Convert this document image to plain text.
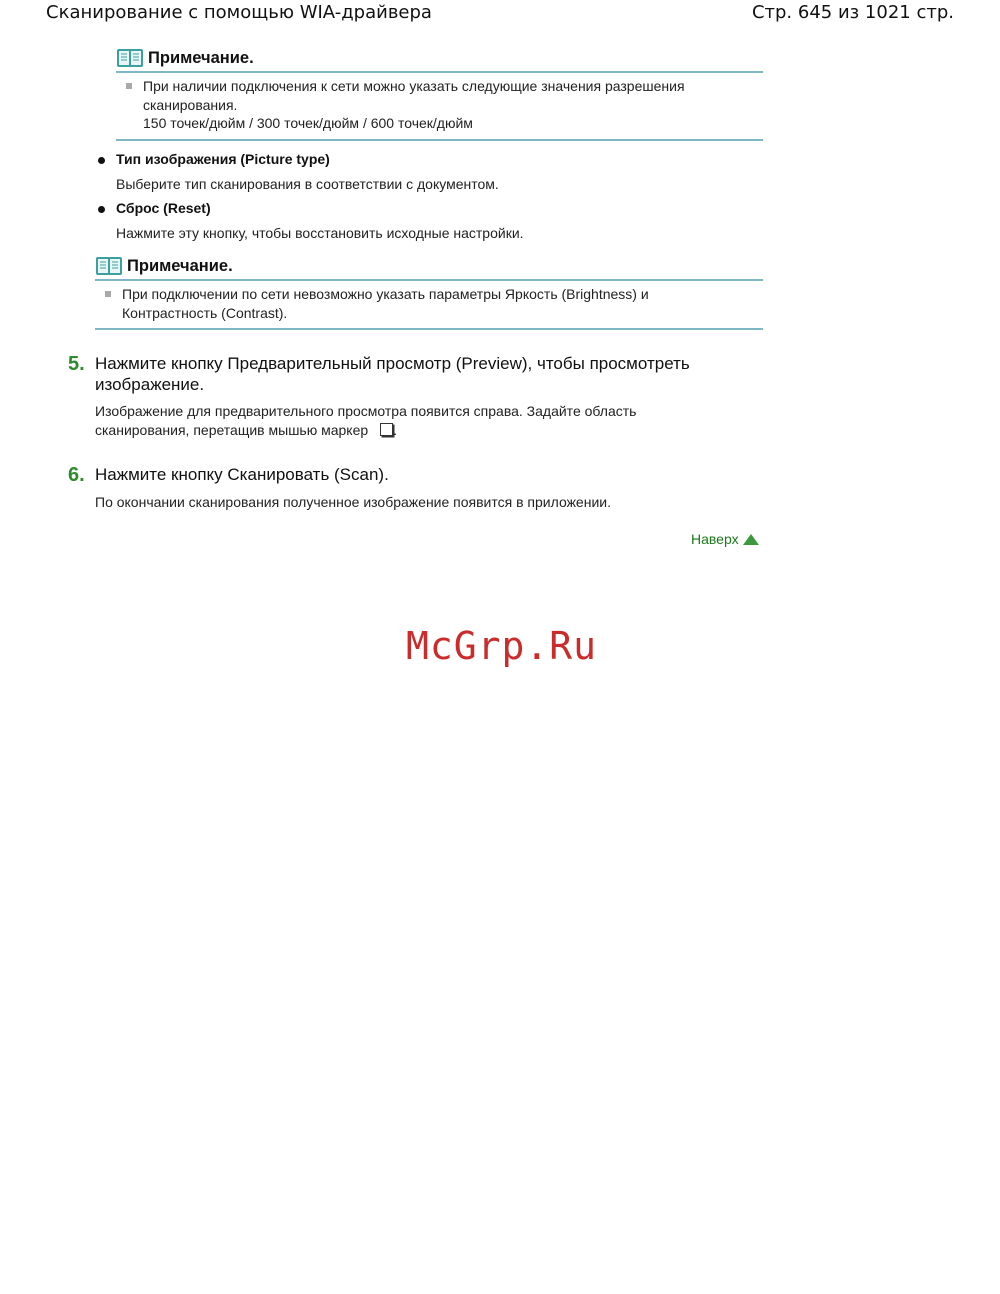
Сканирование с помощью WIA-драйвера	Стр. 645 из 1021 стр.
Примечание.
При наличии подключения к сети можно указать следующие значения разрешения
сканирования.
150 точек/дюйм / 300 точек/дюйм / 600 точек/дюйм
Тип изображения (Picture type)
Выберите тип сканирования в соответствии с документом.
Сброс (Reset)
Нажмите эту кнопку, чтобы восстановить исходные настройки.
Примечание.
При подключении по сети невозможно указать параметры Яркость (Brightness) и
Контрастность (Contrast).
5. Нажмите кнопку Предварительный просмотр (Preview), чтобы просмотреть изображение.
Изображение для предварительного просмотра появится справа. Задайте область
сканирования, перетащив мышью маркер .
6. Нажмите кнопку Сканировать (Scan).
По окончании сканирования полученное изображение появится в приложении.
Наверх
McGrp.Ru
